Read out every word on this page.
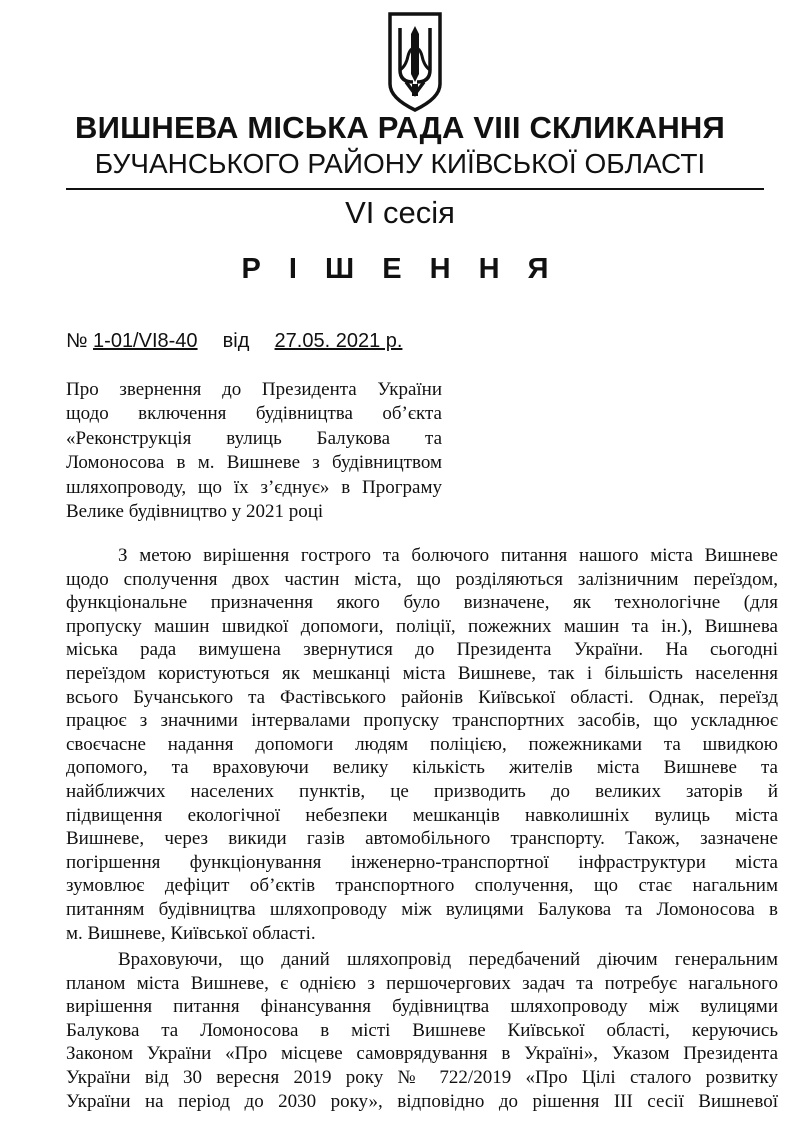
ВИШНЕВА МІСЬКА РАДА VIII СКЛИКАННЯ
БУЧАНСЬКОГО РАЙОНУ КИЇВСЬКОЇ ОБЛАСТІ
VI сесія
Р І Ш Е Н Н Я
№ 1-01/VI8-40 від 27.05. 2021 р.
Про звернення до Президента України
щодо включення будівництва об’єкта
«Реконструкція вулиць Балукова та
Ломоносова в м. Вишневе з будівництвом
шляхопроводу, що їх з’єднує» в Програму
Велике будівництво у 2021 році
З метою вирішення гострого та болючого питання нашого міста Вишневе
щодо сполучення двох частин міста, що розділяються залізничним переїздом,
функціональне призначення якого було визначене, як технологічне (для
пропуску машин швидкої допомоги, поліції, пожежних машин та ін.), Вишнева
міська рада вимушена звернутися до Президента України. На сьогодні
переїздом користуються як мешканці міста Вишневе, так і більшість населення
всього Бучанського та Фастівського районів Київської області. Однак, переїзд
працює з значними інтервалами пропуску транспортних засобів, що ускладнює
своєчасне надання допомоги людям поліцією, пожежниками та швидкою
допомого, та враховуючи велику кількість жителів міста Вишневе та
найближчих населених пунктів, це призводить до великих заторів й
підвищення екологічної небезпеки мешканців навколишніх вулиць міста
Вишневе, через викиди газів автомобільного транспорту. Також, зазначене
погіршення функціонування інженерно-транспортної інфраструктури міста
зумовлює дефіцит об’єктів транспортного сполучення, що стає нагальним
питанням будівництва шляхопроводу між вулицями Балукова та Ломоносова в
м. Вишневе, Київської області.
Враховуючи, що даний шляхопровід передбачений діючим генеральним
планом міста Вишневе, є однією з першочергових задач та потребує нагального
вирішення питання фінансування будівництва шляхопроводу між вулицями
Балукова та Ломоносова в місті Вишневе Київської області, керуючись
Законом України «Про місцеве самоврядування в Україні», Указом Президента
України від 30 вересня 2019 року № 722/2019 «Про Цілі сталого розвитку
України на період до 2030 року», відповідно до рішення III сесії Вишневої
